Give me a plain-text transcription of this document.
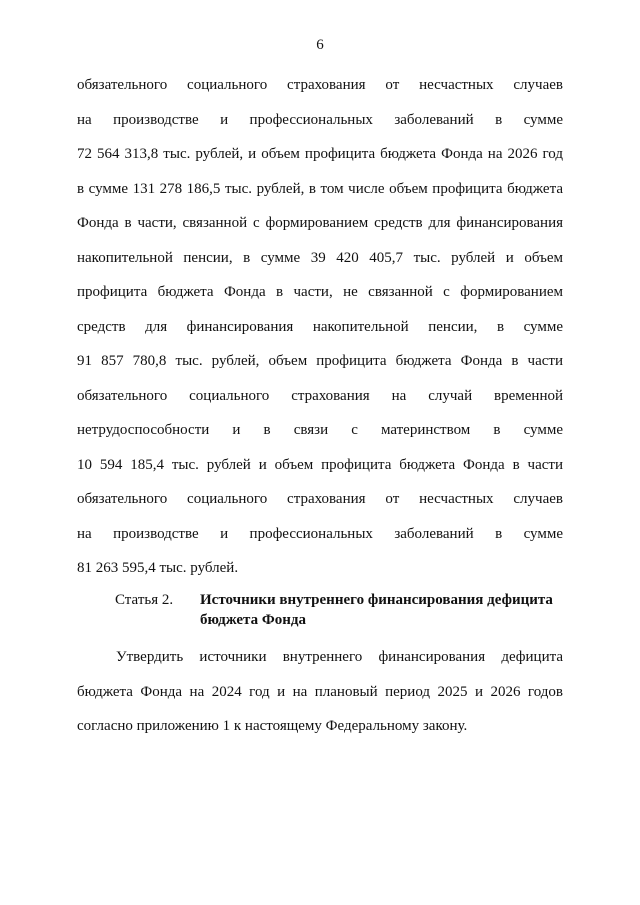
6
обязательного социального страхования от несчастных случаев
на производстве и профессиональных заболеваний в сумме
72 564 313,8 тыс. рублей, и объем профицита бюджета Фонда на 2026 год
в сумме 131 278 186,5 тыс. рублей, в том числе объем профицита бюджета
Фонда в части, связанной с формированием средств для финансирования
накопительной пенсии, в сумме 39 420 405,7 тыс. рублей и объем
профицита бюджета Фонда в части, не связанной с формированием
средств для финансирования накопительной пенсии, в сумме
91 857 780,8 тыс. рублей, объем профицита бюджета Фонда в части
обязательного социального страхования на случай временной
нетрудоспособности и в связи с материнством в сумме
10 594 185,4 тыс. рублей и объем профицита бюджета Фонда в части
обязательного социального страхования от несчастных случаев
на производстве и профессиональных заболеваний в сумме
81 263 595,4 тыс. рублей.
Статья 2. Источники внутреннего финансирования дефицита
бюджета Фонда
Утвердить источники внутреннего финансирования дефицита
бюджета Фонда на 2024 год и на плановый период 2025 и 2026 годов
согласно приложению 1 к настоящему Федеральному закону.
